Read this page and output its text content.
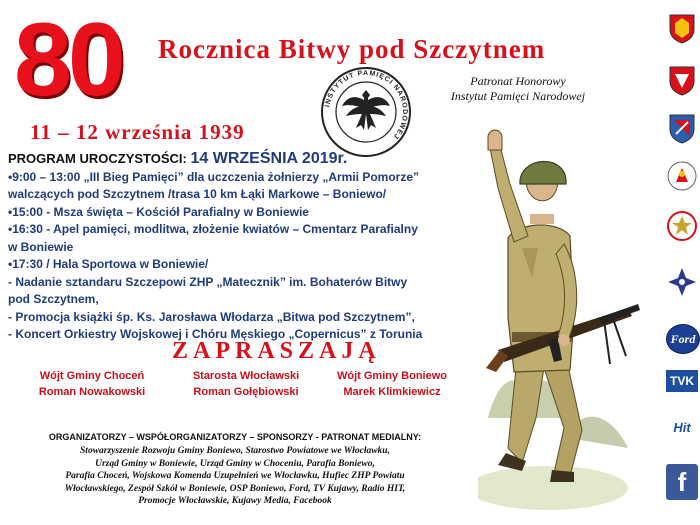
80 Rocznica Bitwy pod Szczytnem
INSTYTUT PAMIĘCI NARODOWEJ
Patronat Honorowy
Instytut Pamięci Narodowej
11 – 12 września 1939
PROGRAM UROCZYSTOŚCI: 14 WRZEŚNIA 2019r.
•9:00 – 13:00 „III Bieg Pamięci” dla uczczenia żołnierzy „Armii Pomorze”
walczących pod Szczytnem /trasa 10 km Łąki Markowe – Boniewo/
•15:00 - Msza święta – Kościół Parafialny w Boniewie
•16:30 - Apel pamięci, modlitwa, złożenie kwiatów – Cmentarz Parafialny
w Boniewie
•17:30 / Hala Sportowa w Boniewie/
- Nadanie sztandaru Szczepowi ZHP „Matecznik” im. Bohaterów Bitwy
pod Szczytnem,
- Promocja książki śp. Ks. Jarosława Włodarza „Bitwa pod Szczytnem”,
- Koncert Orkiestry Wojskowej i Chóru Męskiego „Copernicus” z Torunia
ZAPRASZAJĄ
Wójt Gminy Choceń
Roman Nowakowski
Starosta Włocławski
Roman Gołębiowski
Wójt Gminy Boniewo
Marek Klimkiewicz
ORGANIZATORZY – WSPÓŁORGANIZATORZY – SPONSORZY - PATRONAT MEDIALNY:
Stowarzyszenie Rozwoju Gminy Boniewo, Starostwo Powiatowe we Włocławku,
Urząd Gminy w Boniewie, Urząd Gminy w Choceniu, Parafia Boniewo,
Parafia Choceń, Wojskowa Komenda Uzupełnień we Włocławku, Hufiec ZHP Powiatu
Włocławskiego, Zespół Szkół w Boniewie, OSP Boniewo, Ford, TV Kujawy, Radio HIT,
Promocje Włocławskie, Kujawy Media, Facebook
Ford
TVK
Hit
f
